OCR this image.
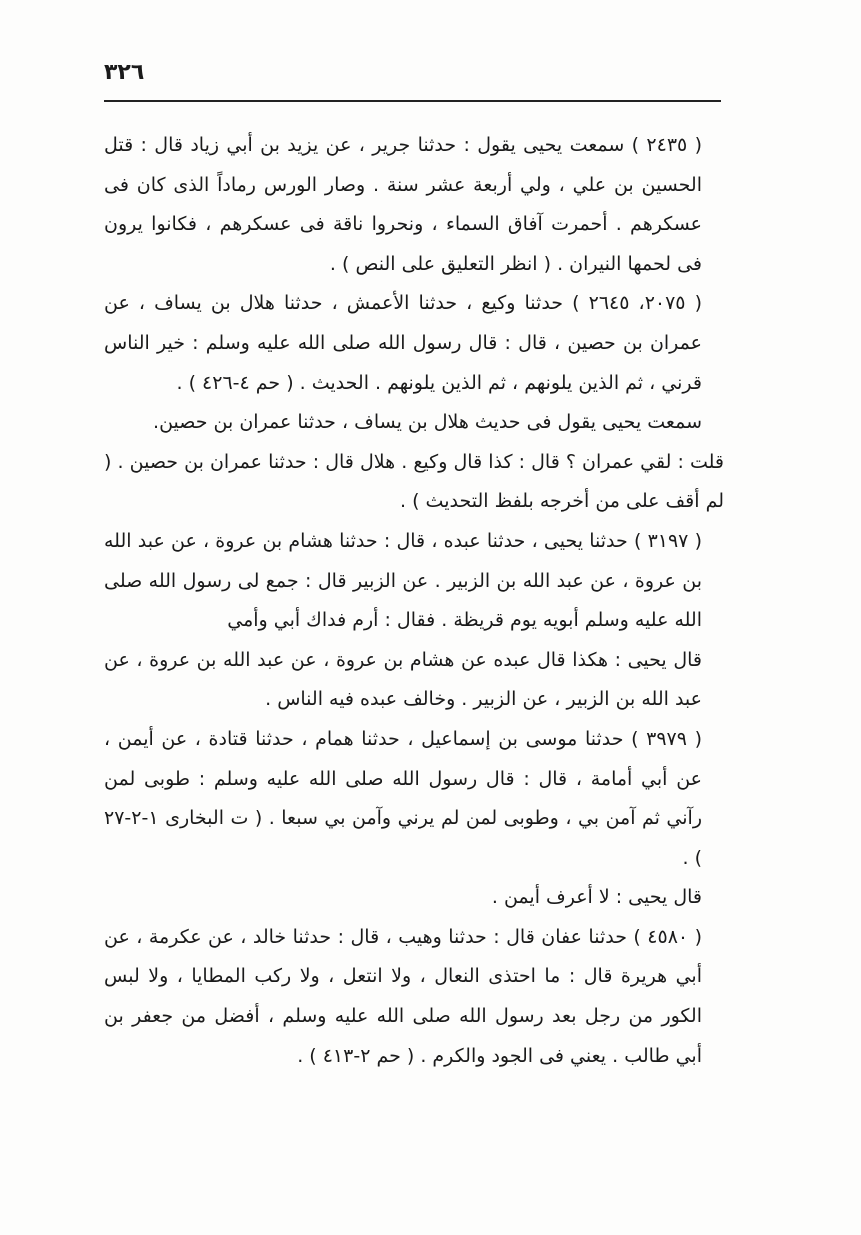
٣٢٦

( ٢٤٣٥ ) سمعت يحيى يقول : حدثنا جرير ، عن يزيد بن أبي زياد قال : قتل الحسين بن علي ، ولي أربعة عشر سنة . وصار الورس رماداً الذى كان فى عسكرهم . أحمرت آفاق السماء ، ونحروا ناقة فى عسكرهم ، فكانوا يرون فى لحمها النيران . ( انظر التعليق على النص ) .

( ٢٠٧٥، ٢٦٤٥ ) حدثنا وكيع ، حدثنا الأعمش ، حدثنا هلال بن يساف ، عن عمران بن حصين ، قال : قال رسول الله صلى الله عليه وسلم : خير الناس قرني ، ثم الذين يلونهم ، ثم الذين يلونهم . الحديث . ( حم ٤-٤٢٦ ) .

سمعت يحيى يقول فى حديث هلال بن يساف ، حدثنا عمران بن حصين.

قلت : لقي عمران ؟ قال : كذا قال وكيع . هلال قال : حدثنا عمران بن حصين . ( لم أقف على من أخرجه بلفظ التحديث ) .

( ٣١٩٧ ) حدثنا يحيى ، حدثنا عبده ، قال : حدثنا هشام بن عروة ، عن عبد الله بن عروة ، عن عبد الله بن الزبير . عن الزبير قال : جمع لى رسول الله صلى الله عليه وسلم أبويه يوم قريظة . فقال : أرم فداك أبي وأمي

قال يحيى : هكذا قال عبده عن هشام بن عروة ، عن عبد الله بن عروة ، عن عبد الله بن الزبير ، عن الزبير . وخالف عبده فيه الناس .

( ٣٩٧٩ ) حدثنا موسى بن إسماعيل ، حدثنا همام ، حدثنا قتادة ، عن أيمن ، عن أبي أمامة ، قال : قال رسول الله صلى الله عليه وسلم : طوبى لمن رآني ثم آمن بي ، وطوبى لمن لم يرني وآمن بي سبعا . ( ت البخارى ١-٢-٢٧ ) .

قال يحيى : لا أعرف أيمن .

( ٤٥٨٠ ) حدثنا عفان قال : حدثنا وهيب ، قال : حدثنا خالد ، عن عكرمة ، عن أبي هريرة قال : ما احتذى النعال ، ولا انتعل ، ولا ركب المطايا ، ولا لبس الكور من رجل بعد رسول الله صلى الله عليه وسلم ، أفضل من جعفر بن أبي طالب . يعني فى الجود والكرم . ( حم ٢-٤١٣ ) .
